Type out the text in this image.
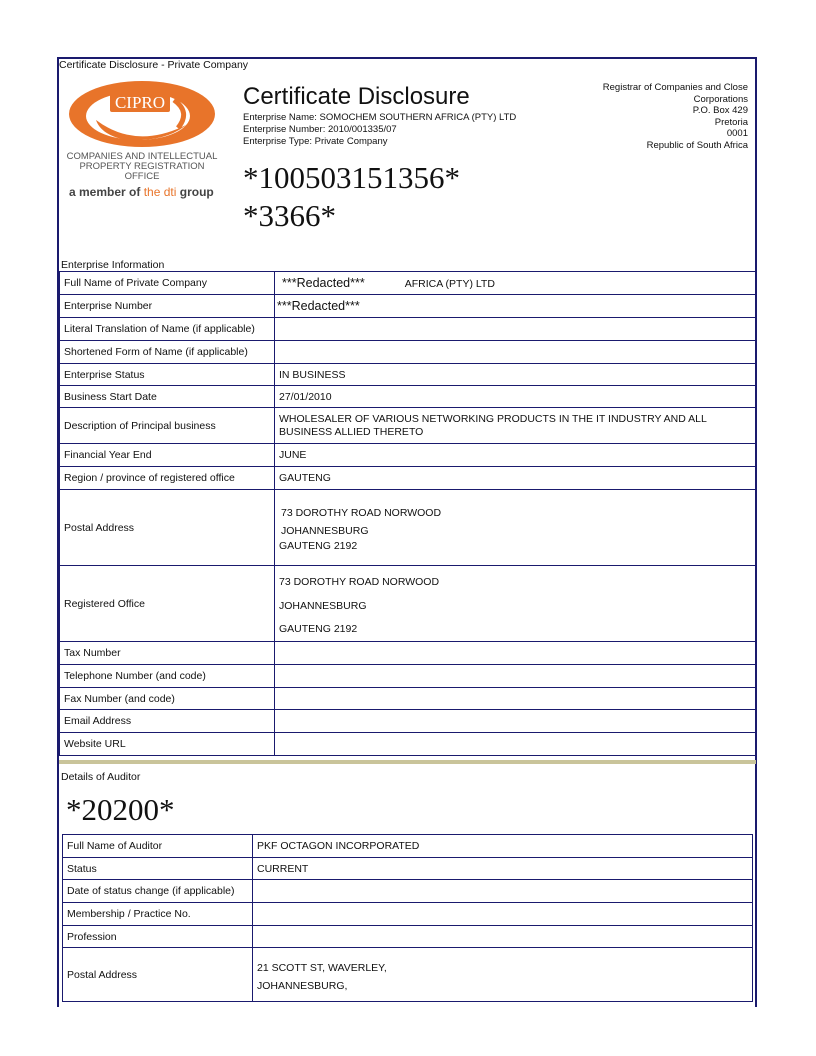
Certificate Disclosure - Private Company
CIPRO
COMPANIES AND INTELLECTUAL
PROPERTY REGISTRATION OFFICE
a member of the dti group
Certificate Disclosure
Enterprise Name: SOMOCHEM SOUTHERN AFRICA (PTY) LTD
Enterprise Number: 2010/001335/07
Enterprise Type: Private Company
*100503151356*
*3366*
Registrar of Companies and Close
Corporations
P.O. Box 429
Pretoria
0001
Republic of South Africa
Enterprise Information
Full Name of Private Company	***Redacted*** AFRICA (PTY) LTD
Enterprise Number	***Redacted***
Literal Translation of Name (if applicable)	
Shortened Form of Name (if applicable)	
Enterprise Status	IN BUSINESS
Business Start Date	27/01/2010
Description of Principal business	WHOLESALER OF VARIOUS NETWORKING PRODUCTS IN THE IT INDUSTRY AND ALL BUSINESS ALLIED THERETO
Financial Year End	JUNE
Region / province of registered office	GAUTENG
Postal Address	73 DOROTHY ROAD NORWOOD
JOHANNESBURG
GAUTENG 2192

Registered Office	73 DOROTHY ROAD NORWOOD
JOHANNESBURG
GAUTENG 2192

Tax Number	
Telephone Number (and code)	
Fax Number (and code)	
Email Address	
Website URL	
Details of Auditor
*20200*
Full Name of Auditor	PKF OCTAGON INCORPORATED
Status	CURRENT
Date of status change (if applicable)	
Membership / Practice No.	
Profession	
Postal Address	21 SCOTT ST, WAVERLEY,
JOHANNESBURG,
